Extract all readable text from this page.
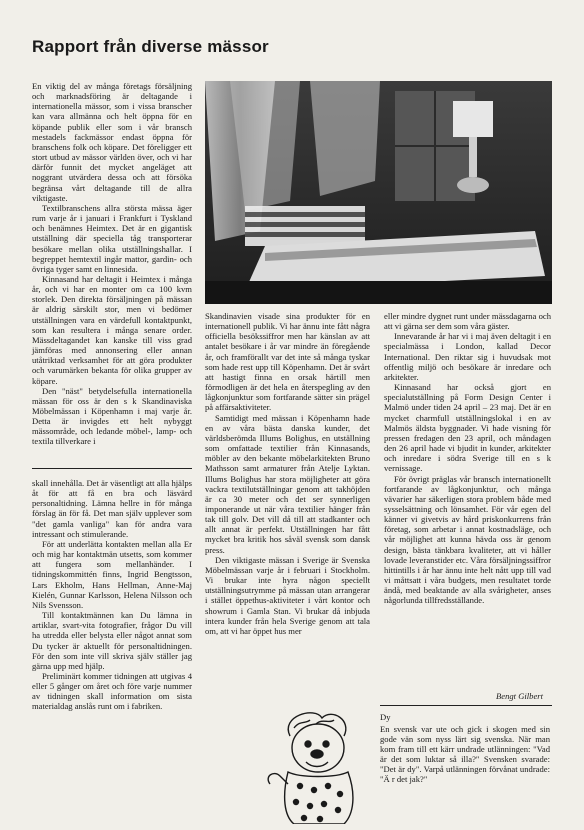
Rapport från diverse mässor

En viktig del av många företags försäljning och marknadsföring är deltagande i internationella mässor, som i vissa branscher kan vara allmänna och helt öppna för en köpande publik eller som i vår bransch mestadels fackmässor endast öppna för branschens folk och köpare. Det föreligger ett stort utbud av mässor världen över, och vi har därför funnit det mycket angeläget att noggrant utvärdera dessa och att försöka begränsa vårt deltagande till de allra viktigaste.

Textilbranschens allra största mässa äger rum varje år i januari i Frankfurt i Tyskland och benämnes Heimtex. Det är en gigantisk utställning där speciella tåg transporterar besökare mellan olika utställningshallar. I begreppet hemtextil ingår mattor, gardin- och övriga tyger samt en linnesida.

Kinnasand har deltagit i Heimtex i många år, och vi har en monter om ca 100 kvm storlek. Den direkta försäljningen på mässan är aldrig särskilt stor, men vi bedömer utställningen vara en värdefull kontaktpunkt, som kan resultera i många senare order. Mässdeltagandet kan kanske till viss grad jämföras med annonsering eller annan utåtriktad verksamhet för att göra produkter och varumärken bekanta för olika grupper av köpare.

Den "näst" betydelsefulla internationella mässan för oss är den s k Skandinaviska Möbelmässan i Köpenhamn i maj varje år. Detta är invigdes ett helt nybyggt mässområde, och ledande möbel-, lamp- och textila tillverkare i

skall innehålla. Det är väsentligt att alla hjälps åt för att få en bra och läsvärd personaltidning. Lämna hellre in för många förslag än för få. Det man själv upplever som "det gamla vanliga" kan för andra vara intressant och stimulerande.

För att underlätta kontakten mellan alla Er och mig har kontaktmän utsetts, som kommer att fungera som mellanhänder. I tidningskommittén finns, Ingrid Bengtsson, Lars Ekholm, Hans Hellman, Anne-Maj Kielén, Gunnar Karlsson, Helena Nilsson och Nils Svensson.

Till kontaktmännen kan Du lämna in artiklar, svart-vita fotografier, frågor Du vill ha utredda eller belysta eller något annat som Du tycker är aktuellt för personaltidningen. För den som inte vill skriva själv ställer jag gärna upp med hjälp.

Preliminärt kommer tidningen att utgivas 4 eller 5 gånger om året och före varje nummer av tidningen skall information om sista materialdag anslås runt om i fabriken.

Skandinavien visade sina produkter för en internationell publik. Vi har ännu inte fått några officiella besökssiffror men har känslan av att antalet besökare i år var mindre än föregående år, och framförallt var det inte så många tyskar som hade rest upp till Köpenhamn. Det är svårt att hastigt finna en orsak härtill men förmodligen är det hela en återspegling av den lågkonjunktur som fortfarande sätter sin prägel på affärsaktiviteter.

Samtidigt med mässan i Köpenhamn hade en av våra bästa danska kunder, det världsberömda Illums Bolighus, en utställning som omfattade textilier från Kinnasands, möbler av den bekante möbelarkitekten Bruno Mathsson samt armaturer från Atelje Lyktan. Illums Bolighus har stora möjligheter att göra vackra textilutställningar genom att takhöjden är ca 30 meter och det ser synnerligen imponerande ut när våra textilier hänger från tak till golv. Det vill då till att stadkanter och allt annat är perfekt. Utställningen har fått mycket bra kritik hos såväl svensk som dansk press.

Den viktigaste mässan i Sverige är Svenska Möbelmässan varje år i februari i Stockholm. Vi brukar inte hyra någon speciellt utställningsutrymme på mässan utan arrangerar i stället öppethus-aktiviteter i vårt kontor och showrum i Gamla Stan. Vi brukar då inbjuda intera kunder från hela Sverige genom att tala om, att vi har öppet hus mer

eller mindre dygnet runt under mässdagarna och att vi gärna ser dem som våra gäster.

Innevarande år har vi i maj även deltagit i en specialmässa i London, kallad Decor International. Den riktar sig i huvudsak mot offentlig miljö och besökare är inredare och arkitekter.

Kinnasand har också gjort en specialutställning på Form Design Center i Malmö under tiden 24 april – 23 maj. Det är en mycket charmfull utställningslokal i en av Malmös äldsta byggnader. Vi hade visning för pressen fredagen den 23 april, och måndagen den 26 april hade vi bjudit in kunder, arkitekter och inredare i södra Sverige till en s k vernissage.

För övrigt präglas vår bransch internationellt fortfarande av lågkonjunktur, och många vävarier har säkerligen stora problem både med sysselsättning och lönsamhet. För vår egen del känner vi givetvis av hård priskonkurrens från företag, som arbetar i annat kostnadsläge, och vår möjlighet att kunna hävda oss är genom design, bästa tänkbara kvaliteter, att vi håller lovade leveranstider etc. Våra försäljningssiffror hittintills i år har ännu inte helt nått upp till vad vi måttsatt i våra budgets, men resultatet torde ändå, med beaktande av alla svårigheter, anses någorlunda tillfredsställande.

Bengt Gilbert
Dy

En svensk var ute och gick i skogen med sin gode vän som nyss lärt sig svenska. När man kom fram till ett kärr undrade utlänningen: "Vad är det som luktar så illa?" Svensken svarade: "Det är dy". Varpå utlänningen förvånat undrade: "Ä r det jak?"
